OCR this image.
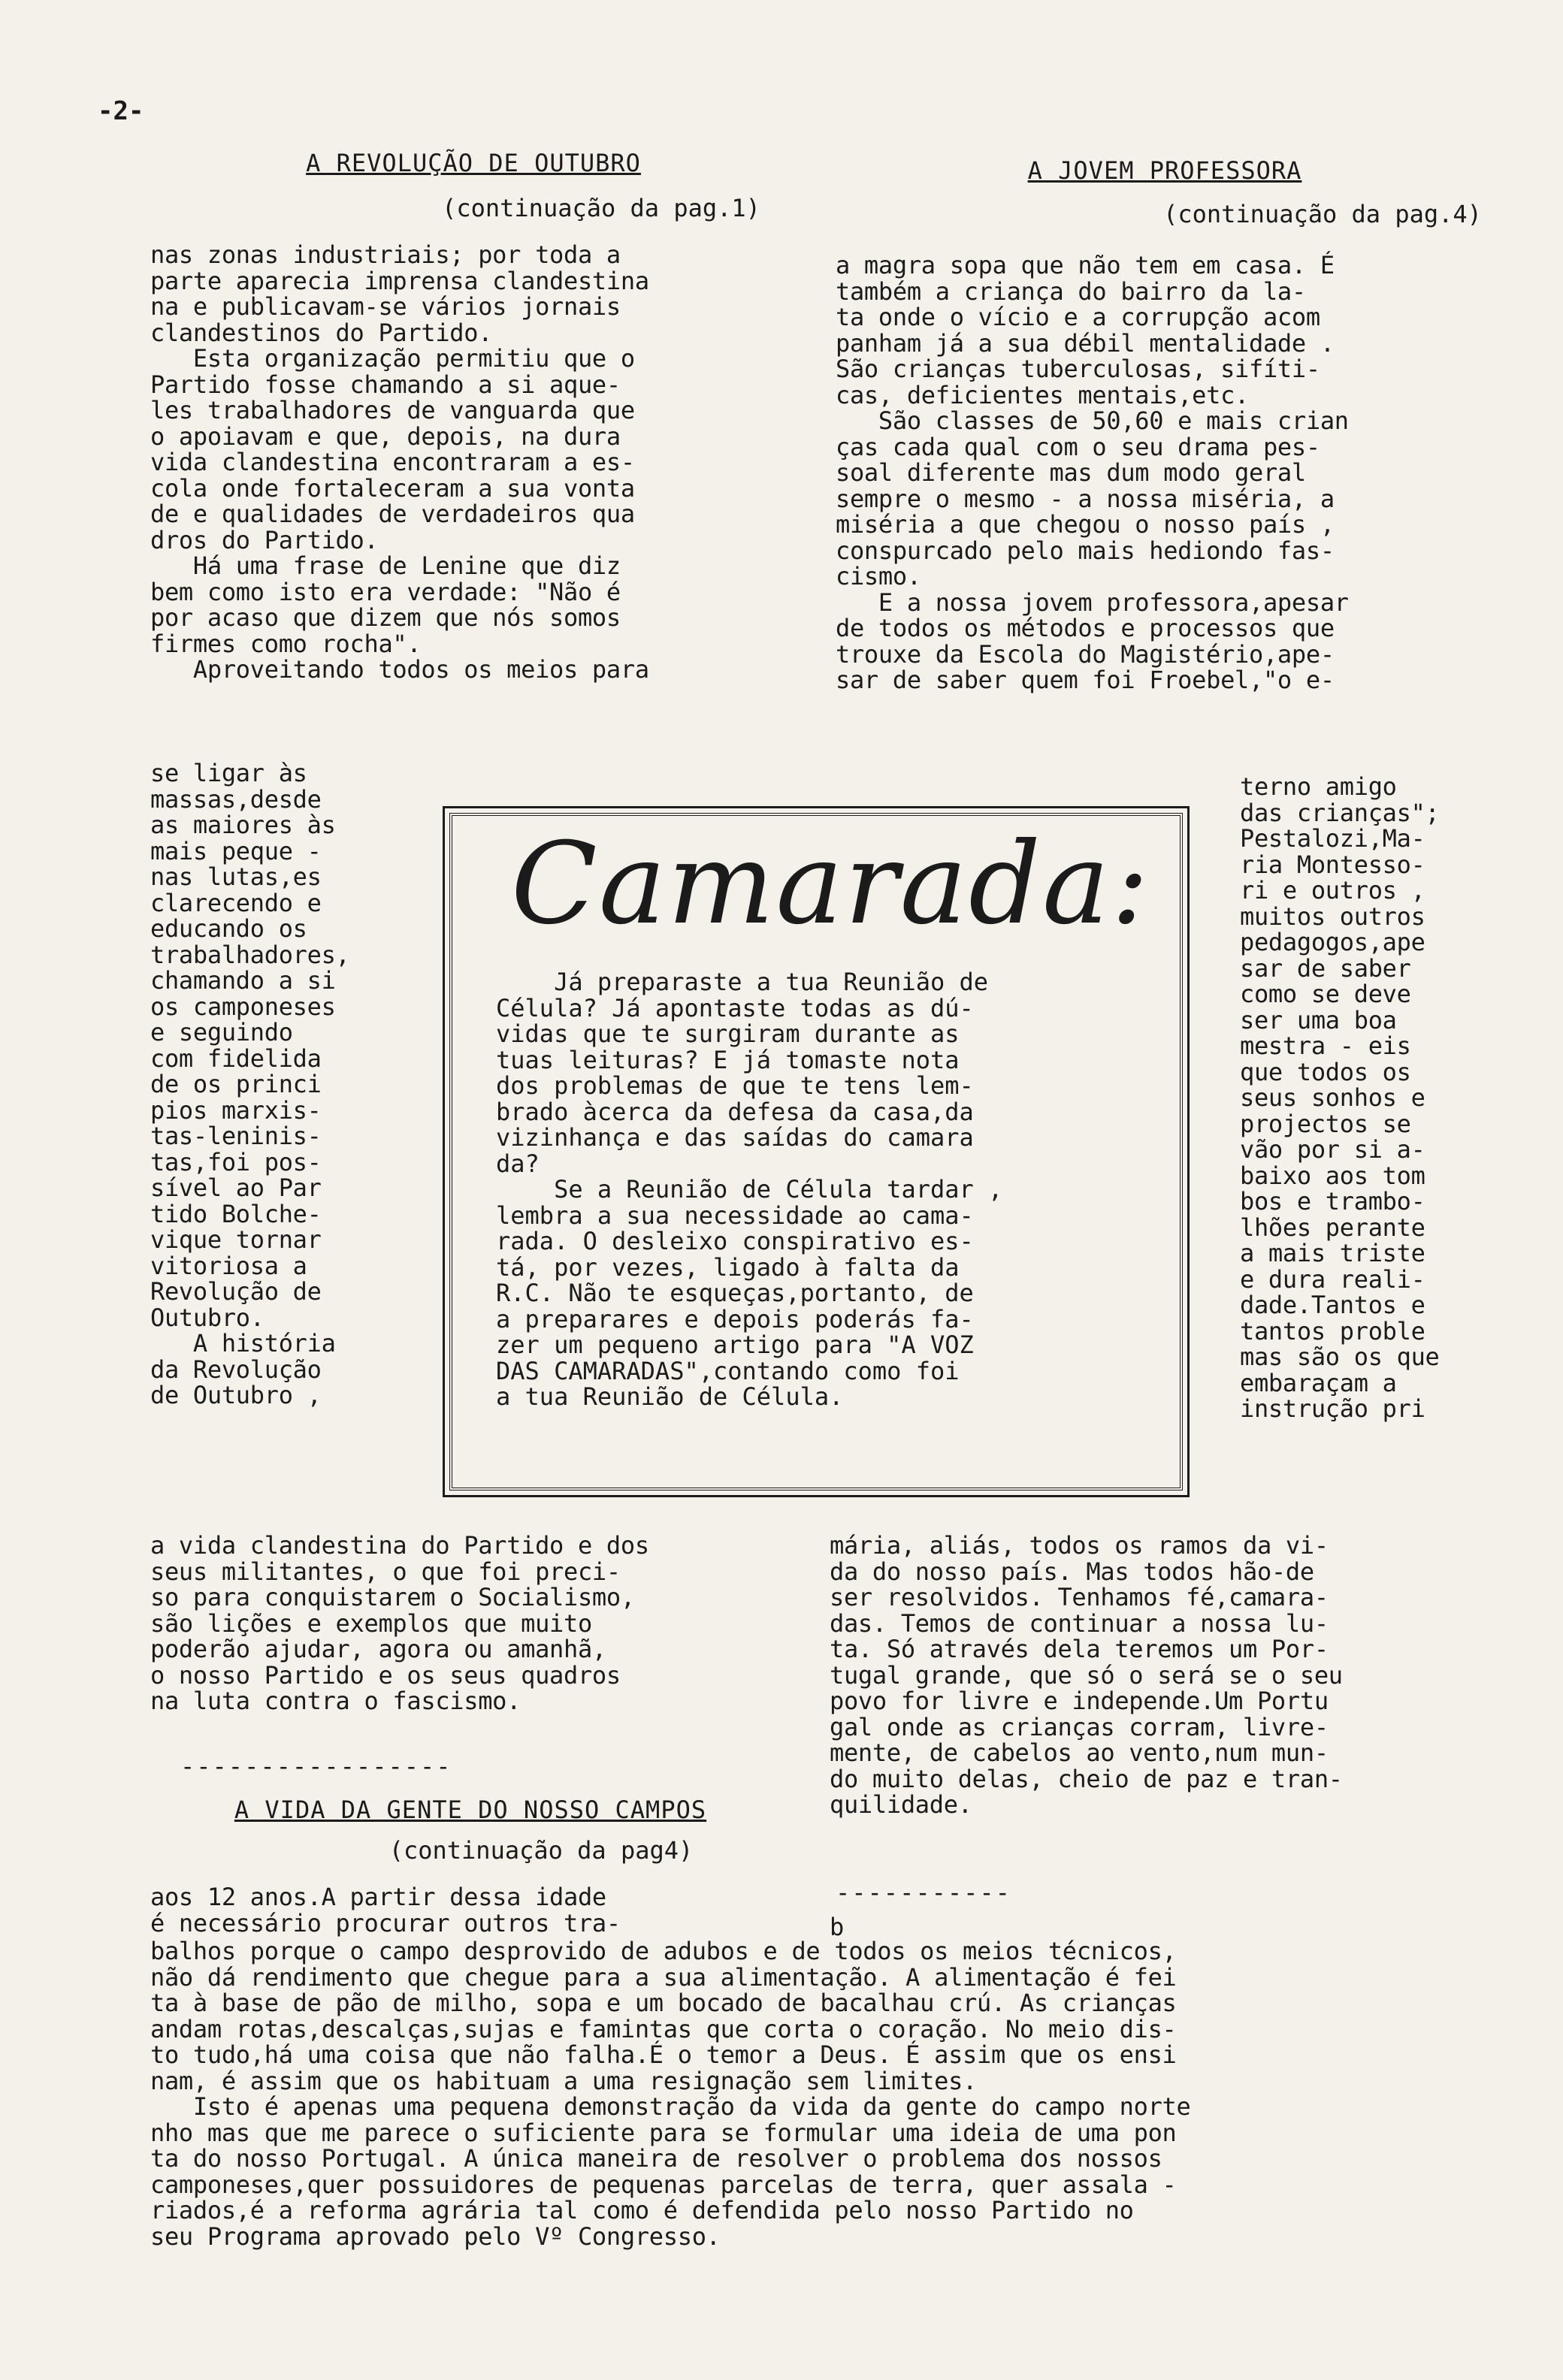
-2-
A REVOLUÇÃO DE OUTUBRO
(continuação da pag.1)
nas zonas industriais; por toda a
parte aparecia imprensa clandestina
na e publicavam-se vários jornais
clandestinos do Partido.
Esta organização permitiu que o
Partido fosse chamando a si aque-
les trabalhadores de vanguarda que
o apoiavam e que, depois, na dura
vida clandestina encontraram a es-
cola onde fortaleceram a sua vonta
de e qualidades de verdadeiros qua
dros do Partido.
Há uma frase de Lenine que diz
bem como isto era verdade: "Não é
por acaso que dizem que nós somos
firmes como rocha".
Aproveitando todos os meios para
se ligar às
massas,desde
as maiores às
mais peque -
nas lutas,es
clarecendo e
educando os
trabalhadores,
chamando a si
os camponeses
e seguindo
com fidelida
de os princi
pios marxis-
tas-leninis-
tas,foi pos-
sível ao Par
tido Bolche-
vique tornar
vitoriosa a
Revolução de
Outubro.
A história
da Revolução
de Outubro ,
a vida clandestina do Partido e dos
seus militantes, o que foi preci-
so para conquistarem o Socialismo,
são lições e exemplos que muito
poderão ajudar, agora ou amanhã,
o nosso Partido e os seus quadros
na luta contra o fascismo.
-----------------
A JOVEM PROFESSORA
(continuação da pag.4)
a magra sopa que não tem em casa. É
também a criança do bairro da la-
ta onde o vício e a corrupção acom
panham já a sua débil mentalidade .
São crianças tuberculosas, sifíti-
cas, deficientes mentais,etc.
São classes de 50,60 e mais crian
ças cada qual com o seu drama pes-
soal diferente mas dum modo geral
sempre o mesmo - a nossa miséria, a
miséria a que chegou o nosso país ,
conspurcado pelo mais hediondo fas-
cismo.
E a nossa jovem professora,apesar
de todos os métodos e processos que
trouxe da Escola do Magistério,ape-
sar de saber quem foi Froebel,"o e-
terno amigo
das crianças";
Pestalozi,Ma-
ria Montesso-
ri e outros ,
muitos outros
pedagogos,ape
sar de saber
como se deve
ser uma boa
mestra - eis
que todos os
seus sonhos e
projectos se
vão por si a-
baixo aos tom
bos e trambo-
lhões perante
a mais triste
e dura reali-
dade.Tantos e
tantos proble
mas são os que
embaraçam a
instrução pri
mária, aliás, todos os ramos da vi-
da do nosso país. Mas todos hão-de
ser resolvidos. Tenhamos fé,camara-
das. Temos de continuar a nossa lu-
ta. Só através dela teremos um Por-
tugal grande, que só o será se o seu
povo for livre e independe.Um Portu
gal onde as crianças corram, livre-
mente, de cabelos ao vento,num mun-
do muito delas, cheio de paz e tran-
quilidade.
-----------
Camarada:
Já preparaste a tua Reunião de
Célula? Já apontaste todas as dú-
vidas que te surgiram durante as
tuas leituras? E já tomaste nota
dos problemas de que te tens lem-
brado àcerca da defesa da casa,da
vizinhança e das saídas do camara
da?
Se a Reunião de Célula tardar ,
lembra a sua necessidade ao cama-
rada. O desleixo conspirativo es-
tá, por vezes, ligado à falta da
R.C. Não te esqueças,portanto, de
a preparares e depois poderás fa-
zer um pequeno artigo para "A VOZ
DAS CAMARADAS",contando como foi
a tua Reunião de Célula.
A VIDA DA GENTE DO NOSSO CAMPOS
(continuação da pag4)
aos 12 anos.A partir dessa idade
é necessário procurar outros tra-	b
balhos porque o campo desprovido de adubos e de todos os meios técnicos,
não dá rendimento que chegue para a sua alimentação. A alimentação é fei
ta à base de pão de milho, sopa e um bocado de bacalhau crú. As crianças
andam rotas,descalças,sujas e famintas que corta o coração. No meio dis-
to tudo,há uma coisa que não falha.É o temor a Deus. É assim que os ensi
nam, é assim que os habituam a uma resignação sem limites.
Isto é apenas uma pequena demonstração da vida da gente do campo norte
nho mas que me parece o suficiente para se formular uma ideia de uma pon
ta do nosso Portugal. A única maneira de resolver o problema dos nossos
camponeses,quer possuidores de pequenas parcelas de terra, quer assala -
riados,é a reforma agrária tal como é defendida pelo nosso Partido no
seu Programa aprovado pelo Vº Congresso.
